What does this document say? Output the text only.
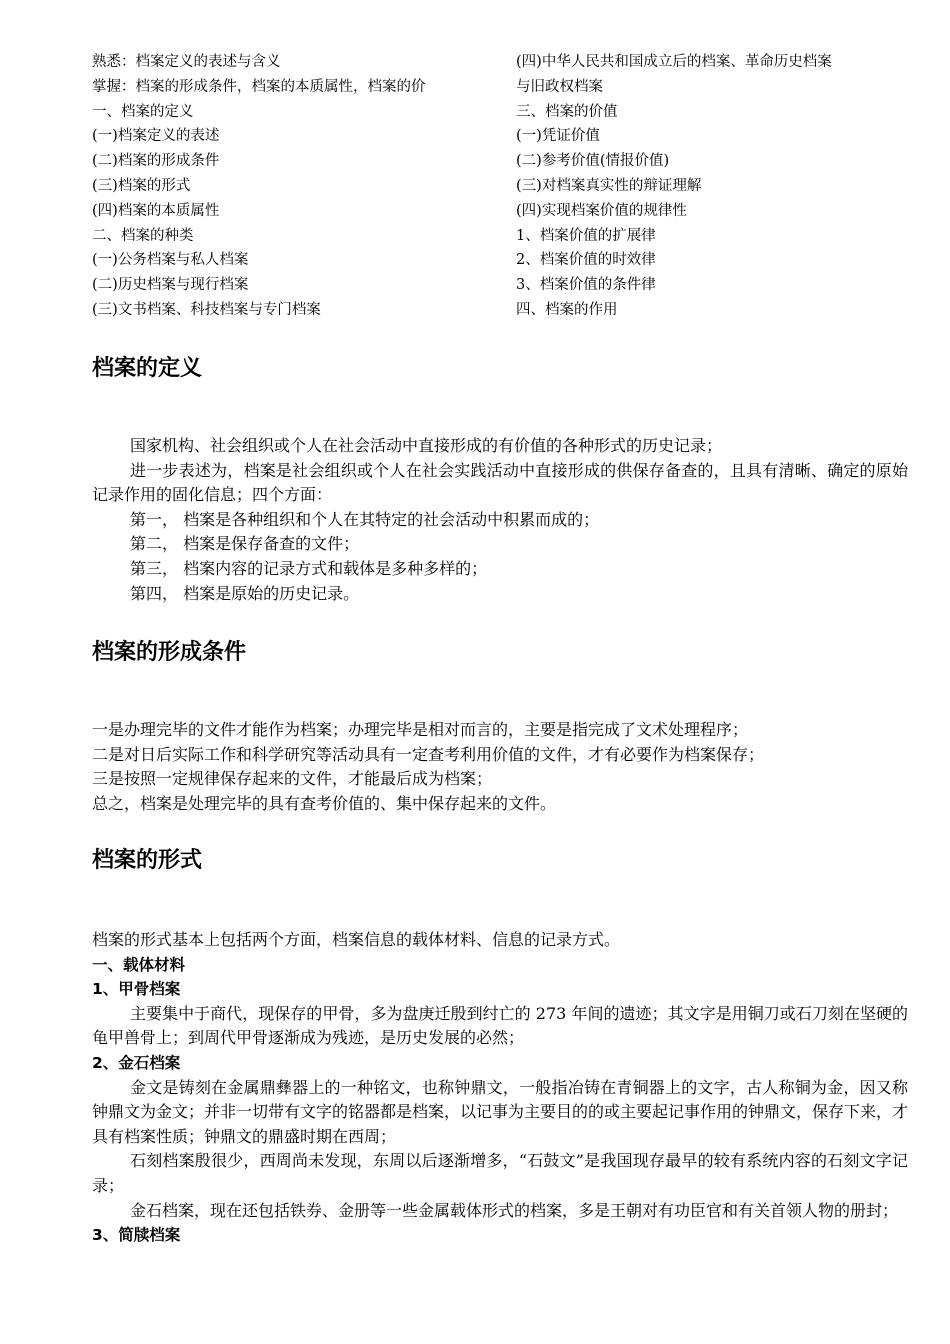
熟悉：档案定义的表述与含义
掌握：档案的形成条件，档案的本质属性，档案的价
一、档案的定义
(一)档案定义的表述
(二)档案的形成条件
(三)档案的形式
(四)档案的本质属性
二、档案的种类
(一)公务档案与私人档案
(二)历史档案与现行档案
(三)文书档案、科技档案与专门档案
(四)中华人民共和国成立后的档案、革命历史档案
与旧政权档案
三、档案的价值
(一)凭证价值
(二)参考价值(情报价值)
(三)对档案真实性的辩证理解
(四)实现档案价值的规律性
1、档案价值的扩展律
2、档案价值的时效律
3、档案价值的条件律
四、档案的作用
档案的定义

国家机构、社会组织或个人在社会活动中直接形成的有价值的各种形式的历史记录；

进一步表述为，档案是社会组织或个人在社会实践活动中直接形成的供保存备查的，且具有清晰、确定的原始记录作用的固化信息；四个方面：

第一， 档案是各种组织和个人在其特定的社会活动中积累而成的；

第二， 档案是保存备查的文件；

第三， 档案内容的记录方式和载体是多种多样的；

第四， 档案是原始的历史记录。

档案的形成条件

一是办理完毕的文件才能作为档案；办理完毕是相对而言的，主要是指完成了文术处理程序；

二是对日后实际工作和科学研究等活动具有一定查考利用价值的文件，才有必要作为档案保存；

三是按照一定规律保存起来的文件，才能最后成为档案；

总之，档案是处理完毕的具有查考价值的、集中保存起来的文件。

档案的形式

档案的形式基本上包括两个方面，档案信息的载体材料、信息的记录方式。

一、载体材料

1、甲骨档案

主要集中于商代，现保存的甲骨，多为盘庚迁殷到纣亡的 273 年间的遗迹；其文字是用铜刀或石刀刻在坚硬的龟甲兽骨上；到周代甲骨逐渐成为残迹，是历史发展的必然；

2、金石档案

金文是铸刻在金属鼎彝器上的一种铭文，也称钟鼎文，一般指冶铸在青铜器上的文字，古人称铜为金，因又称钟鼎文为金文；并非一切带有文字的铭器都是档案，以记事为主要目的的或主要起记事作用的钟鼎文，保存下来，才具有档案性质；钟鼎文的鼎盛时期在西周；

石刻档案殷很少，西周尚未发现，东周以后逐渐增多，“石鼓文”是我国现存最早的较有系统内容的石刻文字记录；

金石档案，现在还包括铁券、金册等一些金属载体形式的档案，多是王朝对有功臣官和有关首领人物的册封；

3、简牍档案
